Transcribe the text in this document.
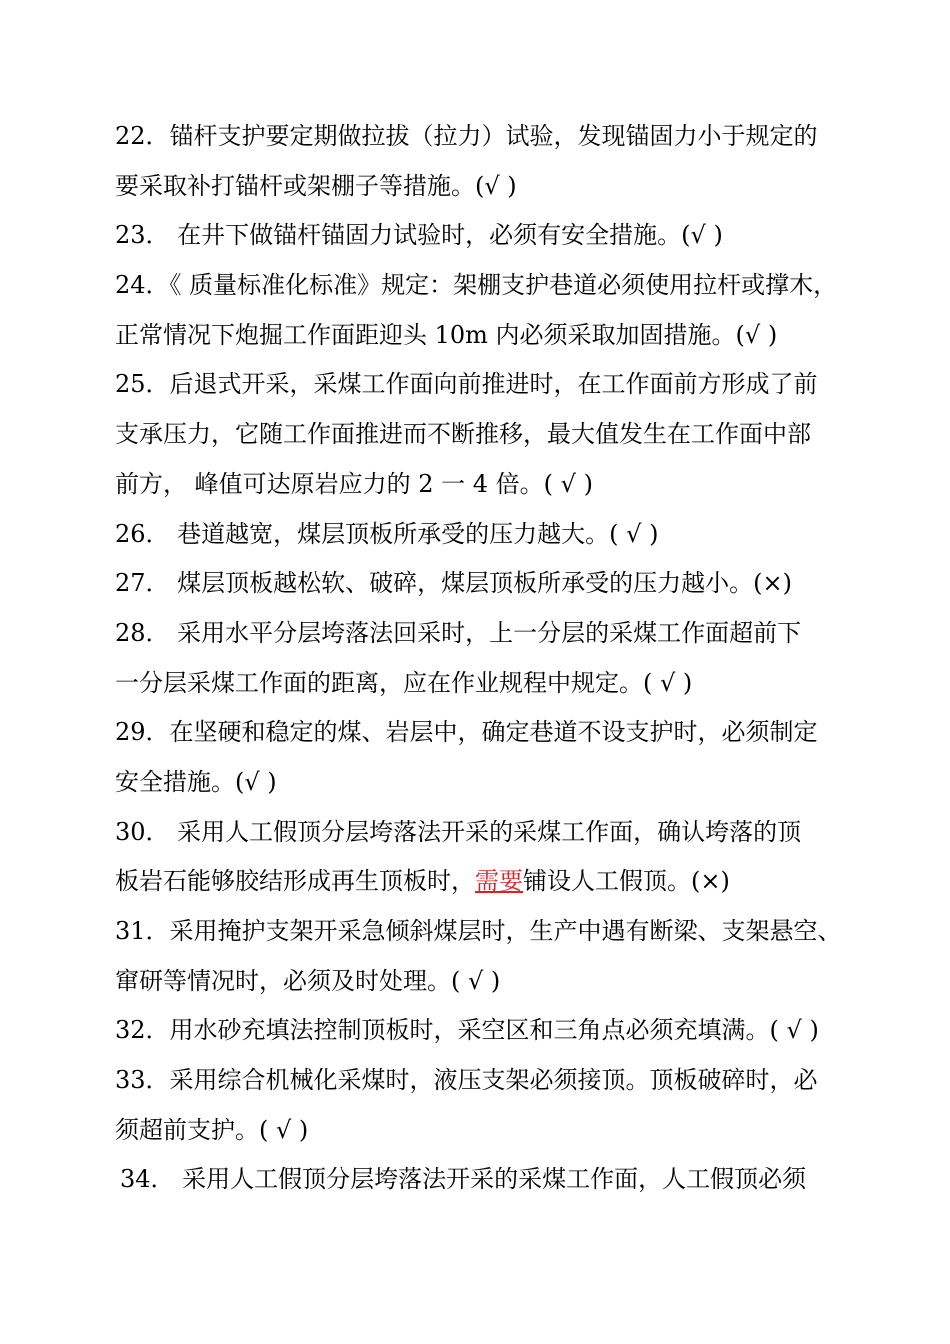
22．锚杆支护要定期做拉拔（拉力）试验，发现锚固力小于规定的
要采取补打锚杆或架棚子等措施。(√ )
23． 在井下做锚杆锚固力试验时，必须有安全措施。(√ )
24．《 质量标准化标准》规定：架棚支护巷道必须使用拉杆或撑木，
正常情况下炮掘工作面距迎头 10m 内必须采取加固措施。(√ )
25．后退式开采，采煤工作面向前推进时，在工作面前方形成了前
支承压力，它随工作面推进而不断推移，最大值发生在工作面中部
前方， 峰值可达原岩应力的 2 一 4 倍。( √ )
26． 巷道越宽，煤层顶板所承受的压力越大。( √ )
27． 煤层顶板越松软、破碎，煤层顶板所承受的压力越小。(×)
28． 采用水平分层垮落法回采时，上一分层的采煤工作面超前下
一分层采煤工作面的距离，应在作业规程中规定。( √ )
29．在坚硬和稳定的煤、岩层中，确定巷道不设支护时，必须制定
安全措施。(√ )
30． 采用人工假顶分层垮落法开采的采煤工作面，确认垮落的顶
板岩石能够胶结形成再生顶板时，需要铺设人工假顶。(×)
31．采用掩护支架开采急倾斜煤层时，生产中遇有断梁、支架悬空、
窜研等情况时，必须及时处理。( √ )
32．用水砂充填法控制顶板时，采空区和三角点必须充填满。( √ )
33．采用综合机械化采煤时，液压支架必须接顶。顶板破碎时，必
须超前支护。( √ )
34． 采用人工假顶分层垮落法开采的采煤工作面，人工假顶必须
